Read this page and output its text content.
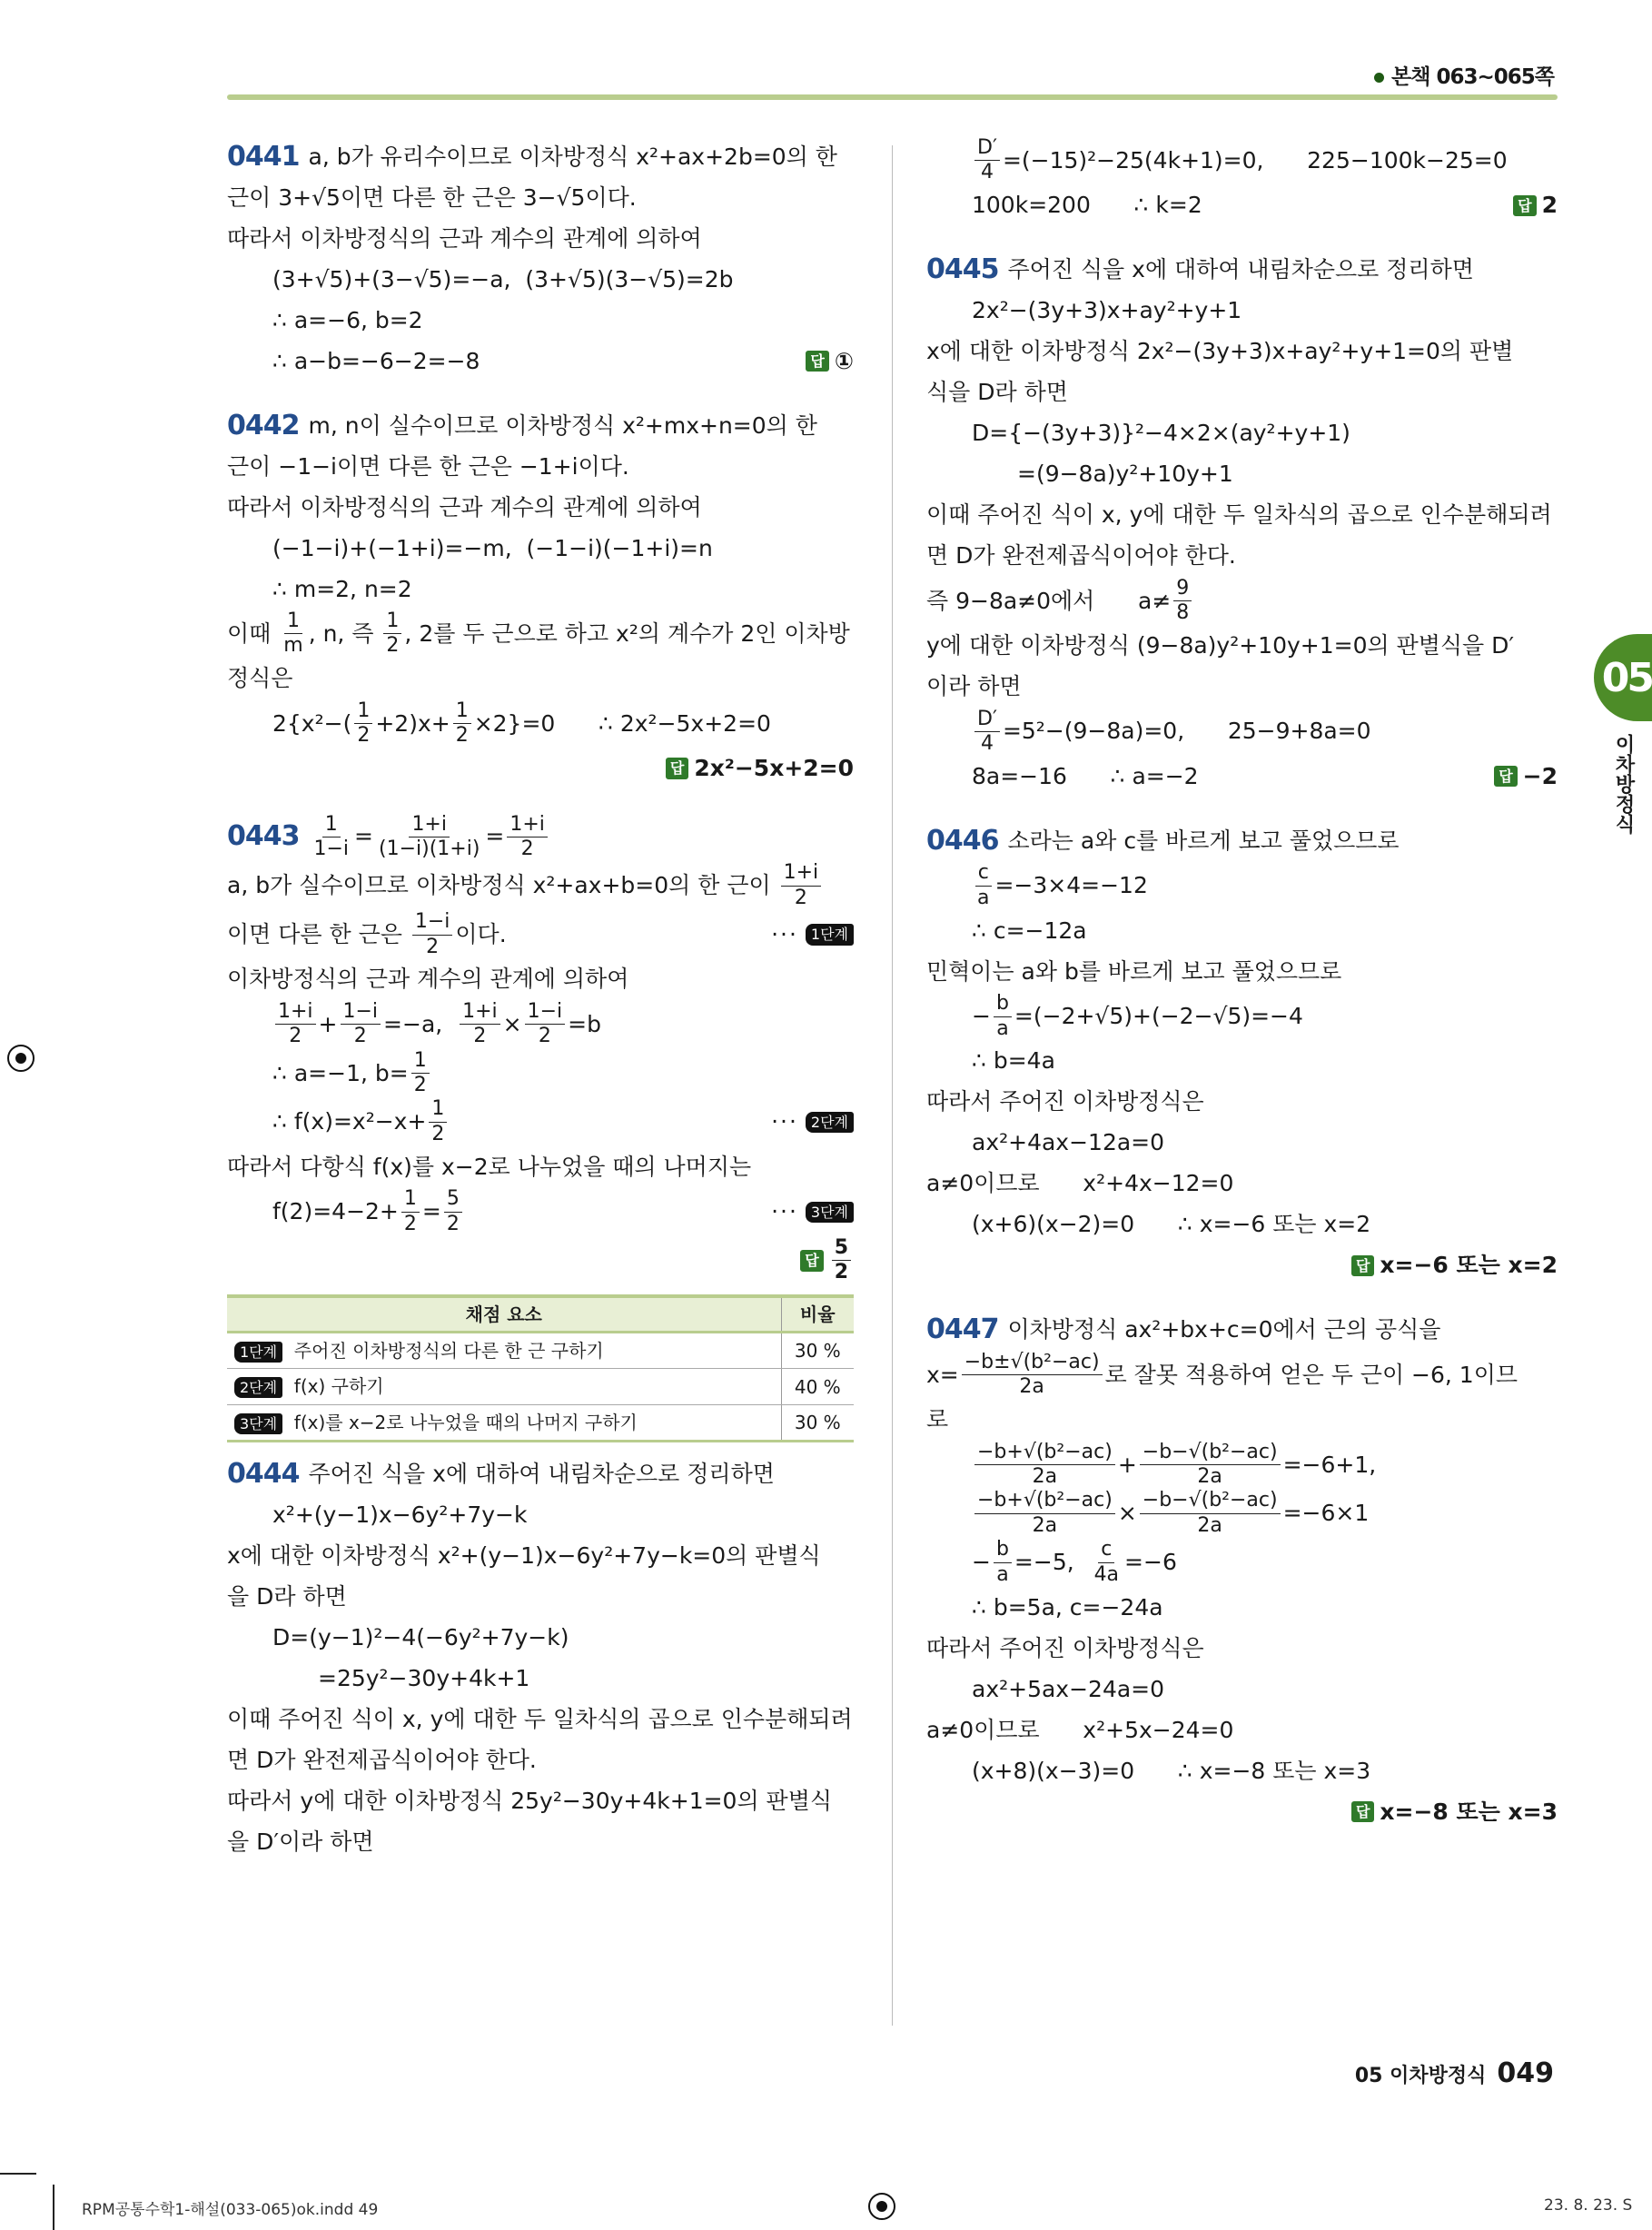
본책 063~065쪽
0441 a, b가 유리수이므로 이차방정식 x²+ax+2b=0의 한
근이 3+√5이면 다른 한 근은 3−√5이다.
따라서 이차방정식의 근과 계수의 관계에 의하여
(3+√5)+(3−√5)=−a,  (3+√5)(3−√5)=2b
∴ a=−6, b=2
∴ a−b=−6−2=−8	답 ①
0442 m, n이 실수이므로 이차방정식 x²+mx+n=0의 한
근이 −1−i이면 다른 한 근은 −1+i이다.
따라서 이차방정식의 근과 계수의 관계에 의하여
(−1−i)+(−1+i)=−m,  (−1−i)(−1+i)=n
∴ m=2, n=2
이때 $\frac{1}{m}$ , n, 즉 $\frac{1}{2}$ , 2를 두 근으로 하고 x²의 계수가 2인 이차방
정식은
$2\{x^2-( \frac{1}{2} +2)x+ \frac{1}{2} \times 2\}=0$      ∴ 2x²−5x+2=0
답 2x²−5x+2=0
$0443 \frac{1}{1-i} = \frac{1+i}{(1-i)(1+i)} = \frac{1+i}{2}$
a, b가 실수이므로 이차방정식 x²+ax+b=0의 한 근이 $\frac{1+i}{2}$
이면 다른 한 근은 $\frac{1-i}{2}$ 이다.	··· 1단계
이차방정식의 근과 계수의 관계에 의하여
$\frac{1+i}{2} + \frac{1-i}{2} =-a$, $\frac{1+i}{2} \times \frac{1-i}{2} =b$
∴ a=−1, $b= \frac{1}{2}$
∴ $f(x)=x^2-x+ \frac{1}{2}$	··· 2단계
따라서 다항식 f(x)를 x−2로 나누었을 때의 나머지는
$f(2)=4-2+ \frac{1}{2} = \frac{5}{2}$	··· 3단계
답 $\frac{5}{2}$
채점 요소	비율
1단계  주어진 이차방정식의 다른 한 근 구하기	30 %
2단계  f(x) 구하기	40 %
3단계  f(x)를 x−2로 나누었을 때의 나머지 구하기	30 %
0444 주어진 식을 x에 대하여 내림차순으로 정리하면
x²+(y−1)x−6y²+7y−k
x에 대한 이차방정식 x²+(y−1)x−6y²+7y−k=0의 판별식
을 D라 하면
D=(y−1)²−4(−6y²+7y−k)
=25y²−30y+4k+1
이때 주어진 식이 x, y에 대한 두 일차식의 곱으로 인수분해되려
면 D가 완전제곱식이어야 한다.
따라서 y에 대한 이차방정식 25y²−30y+4k+1=0의 판별식
을 D′이라 하면
$\frac{D'}{4} =(-15)^2-25(4k+1)=0$,      225−100k−25=0
100k=200      ∴ k=2	답 2
0445 주어진 식을 x에 대하여 내림차순으로 정리하면
2x²−(3y+3)x+ay²+y+1
x에 대한 이차방정식 2x²−(3y+3)x+ay²+y+1=0의 판별
식을 D라 하면
D={−(3y+3)}²−4×2×(ay²+y+1)
=(9−8a)y²+10y+1
이때 주어진 식이 x, y에 대한 두 일차식의 곱으로 인수분해되려
면 D가 완전제곱식이어야 한다.
즉 9−8a≠0에서      $a\ne \frac{9}{8}$
y에 대한 이차방정식 (9−8a)y²+10y+1=0의 판별식을 D′
이라 하면
$\frac{D'}{4} =5^2-(9-8a)=0$,      25−9+8a=0
8a=−16      ∴ a=−2	답 −2
0446 소라는 a와 c를 바르게 보고 풀었으므로
$\frac{c}{a} =-3\times 4=-12$
∴ c=−12a
민혁이는 a와 b를 바르게 보고 풀었으므로
− $\frac{b}{a} =(-2+√5)+(-2-√5)=-4$
∴ b=4a
따라서 주어진 이차방정식은
ax²+4ax−12a=0
a≠0이므로      x²+4x−12=0
(x+6)(x−2)=0      ∴ x=−6 또는 x=2
답 x=−6 또는 x=2
0447 이차방정식 ax²+bx+c=0에서 근의 공식을
$x= \frac{\text{−b±√(b²−ac)}}{2a}$ 로 잘못 적용하여 얻은 두 근이 −6, 1이므
로
$\frac{\text{−b+√(b²−ac)}}{2a} + \frac{\text{−b−√(b²−ac)}}{2a} =-6+1$,
$\frac{\text{−b+√(b²−ac)}}{2a} \times \frac{\text{−b−√(b²−ac)}}{2a} =-6\times 1$
− $\frac{b}{a} =-5$, $\frac{c}{4a} =-6$
∴ b=5a, c=−24a
따라서 주어진 이차방정식은
ax²+5ax−24a=0
a≠0이므로      x²+5x−24=0
(x+8)(x−3)=0      ∴ x=−8 또는 x=3
답 x=−8 또는 x=3
05
이차방정식
05 이차방정식 049
RPM공통수학1-해설(033-065)ok.indd 49	23. 8. 23. S
